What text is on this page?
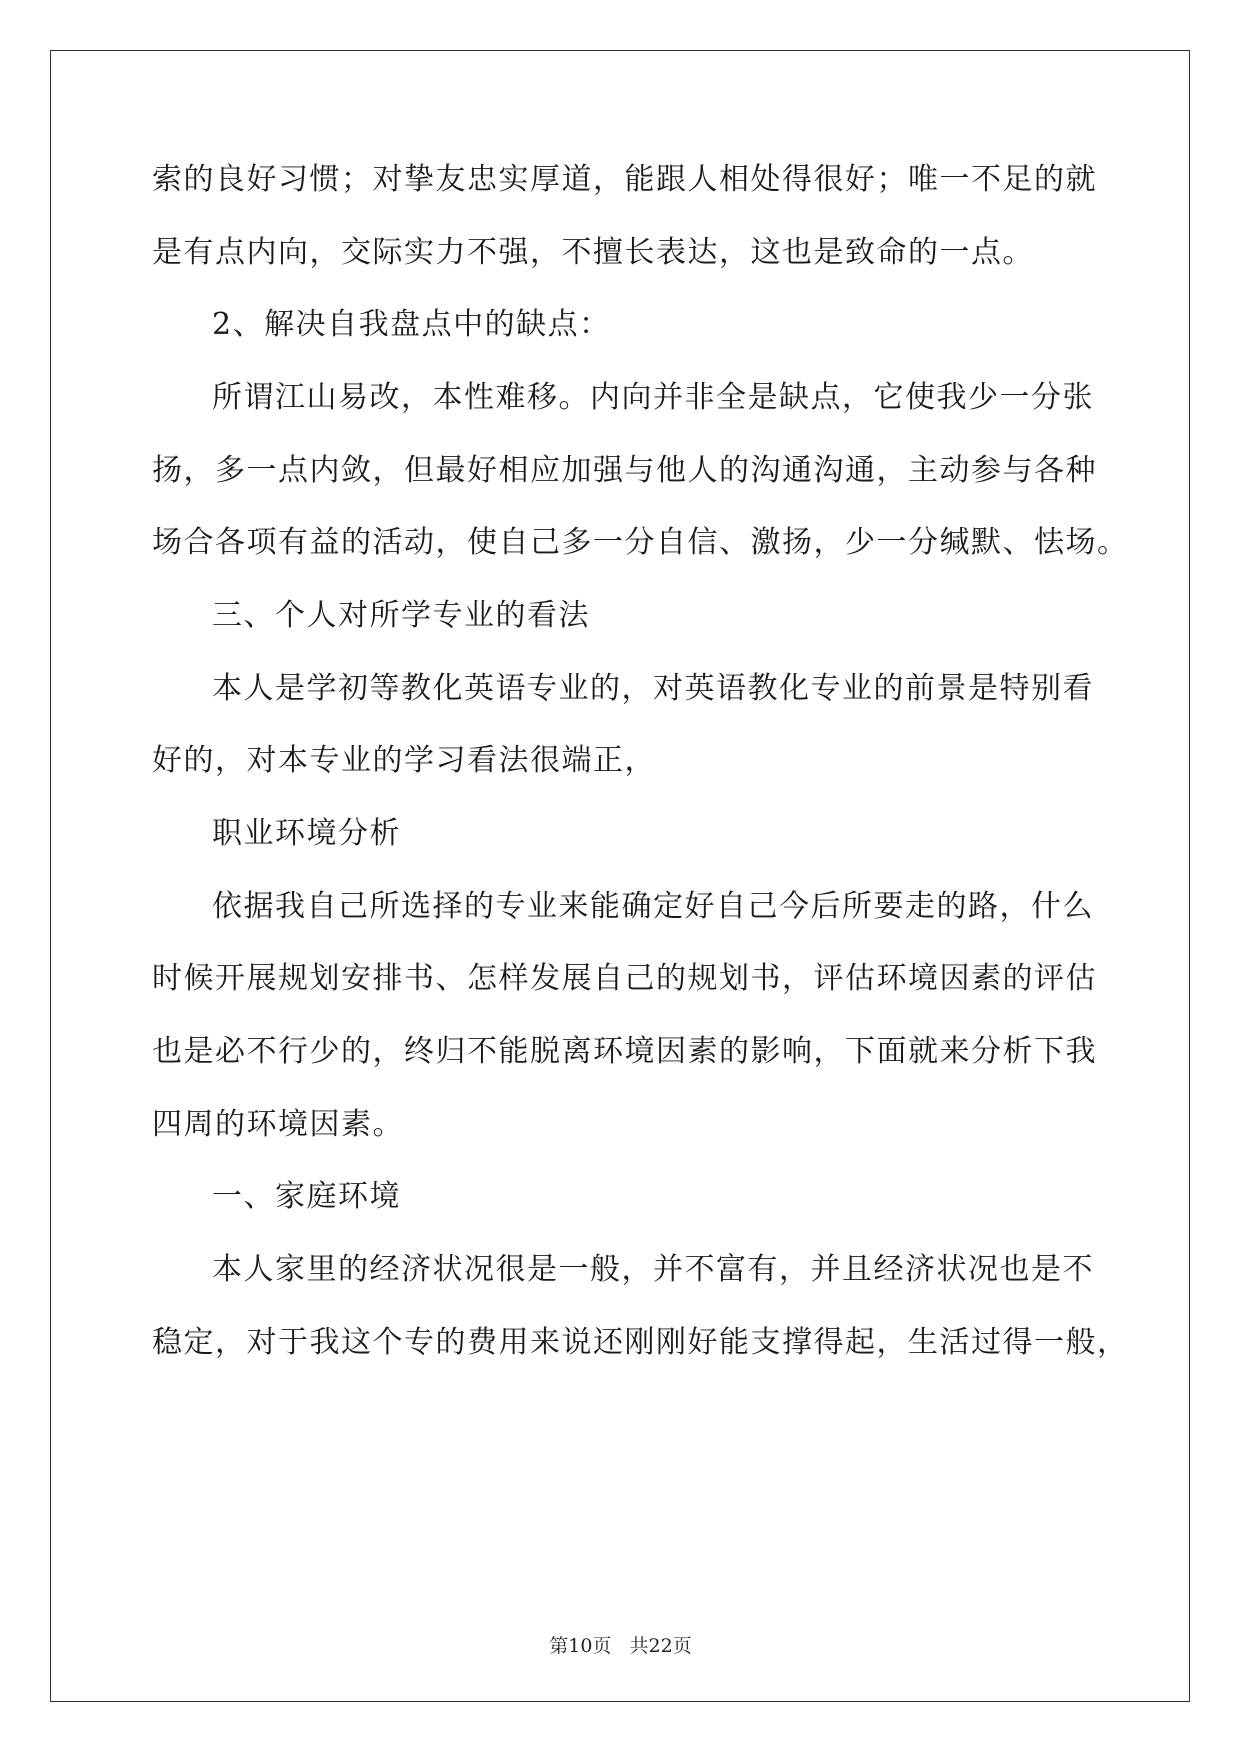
索的良好习惯；对挚友忠实厚道，能跟人相处得很好；唯一不足的就
是有点内向，交际实力不强，不擅长表达，这也是致命的一点。
2、解决自我盘点中的缺点：
所谓江山易改，本性难移。内向并非全是缺点，它使我少一分张
扬，多一点内敛，但最好相应加强与他人的沟通沟通，主动参与各种
场合各项有益的活动，使自己多一分自信、激扬，少一分缄默、怯场。
三、个人对所学专业的看法
本人是学初等教化英语专业的，对英语教化专业的前景是特别看
好的，对本专业的学习看法很端正，
职业环境分析
依据我自己所选择的专业来能确定好自己今后所要走的路，什么
时候开展规划安排书、怎样发展自己的规划书，评估环境因素的评估
也是必不行少的，终归不能脱离环境因素的影响，下面就来分析下我
四周的环境因素。
一、家庭环境
本人家里的经济状况很是一般，并不富有，并且经济状况也是不
稳定，对于我这个专的费用来说还刚刚好能支撑得起，生活过得一般，
第10页 共22页
